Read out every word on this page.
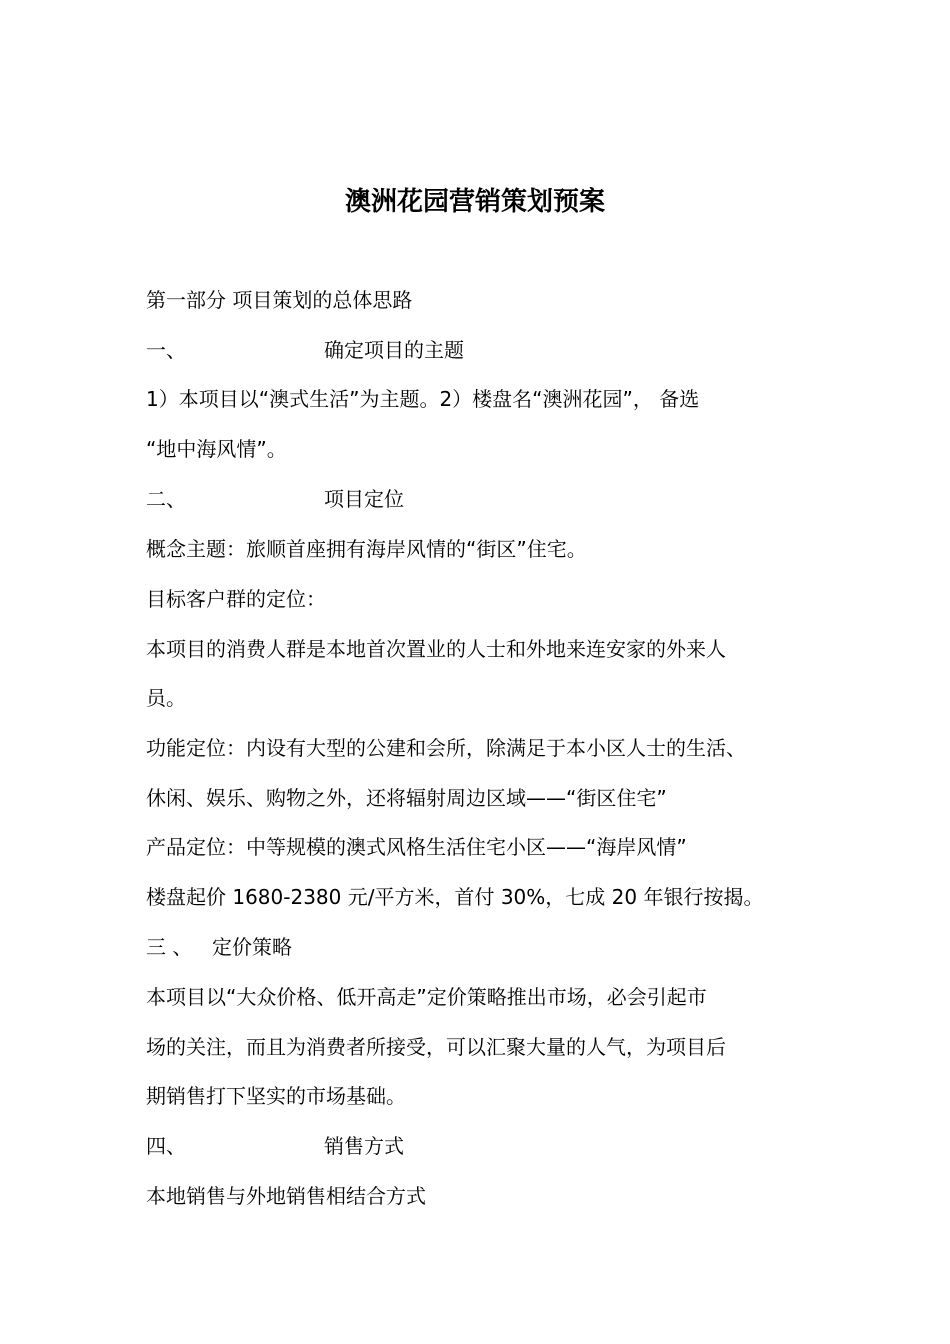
澳洲花园营销策划预案
第一部分 项目策划的总体思路
一、	确定项目的主题
1）本项目以“澳式生活”为主题。2）楼盘名“澳洲花园”， 备选
“地中海风情”。
二、	项目定位
概念主题：旅顺首座拥有海岸风情的“街区”住宅。
目标客户群的定位：
本项目的消费人群是本地首次置业的人士和外地来连安家的外来人
员。
功能定位：内设有大型的公建和会所，除满足于本小区人士的生活、
休闲、娱乐、购物之外，还将辐射周边区域——“街区住宅”
产品定位：中等规模的澳式风格生活住宅小区——“海岸风情”
楼盘起价 1680-2380 元/平方米，首付 30%，七成 20 年银行按揭。
三 、 定价策略
本项目以“大众价格、低开高走”定价策略推出市场，必会引起市
场的关注，而且为消费者所接受，可以汇聚大量的人气，为项目后
期销售打下坚实的市场基础。
四、	销售方式
本地销售与外地销售相结合方式
